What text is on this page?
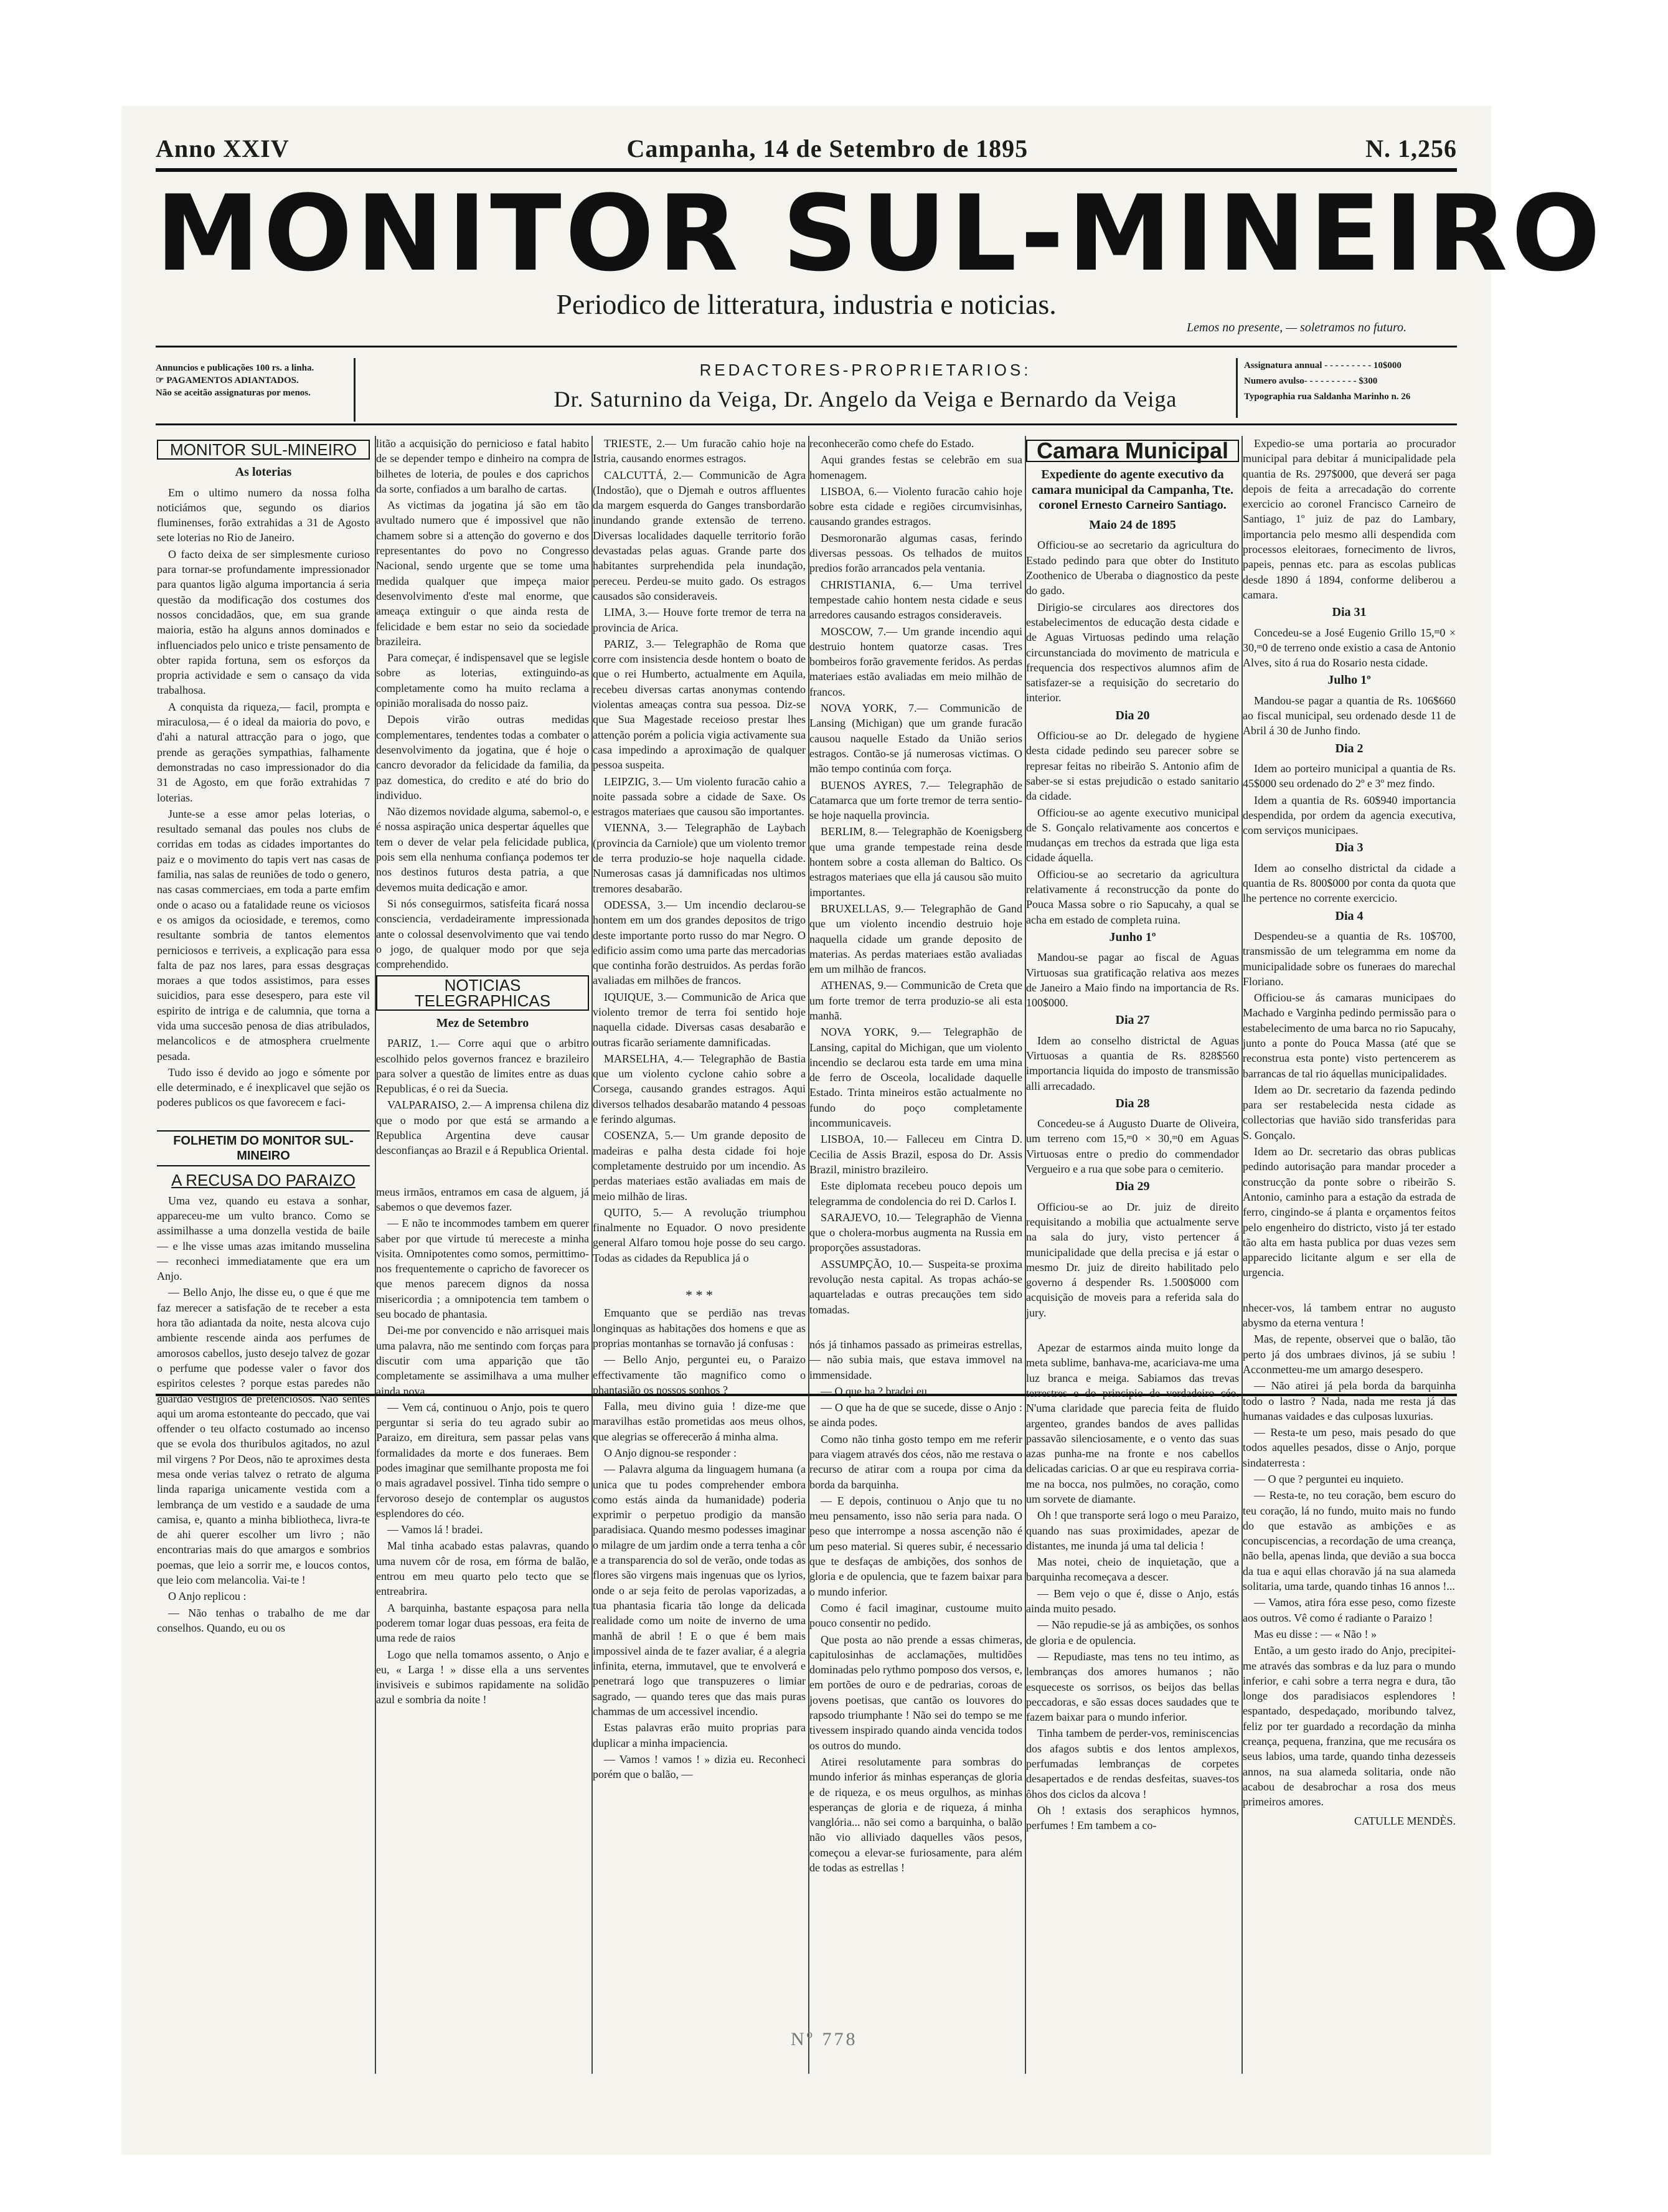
Anno XXIV	Campanha, 14 de Setembro de 1895	N. 1,256
MONITOR SUL-MINEIRO
Periodico de litteratura, industria e noticias.
Lemos no presente, — soletramos no futuro.
Annuncios e publicações 100 rs. a linha.
☞ PAGAMENTOS ADIANTADOS.
Não se aceitão assignaturas por menos.
REDACTORES-PROPRIETARIOS:
Dr. Saturnino da Veiga, Dr. Angelo da Veiga e Bernardo da Veiga
Assignatura annual - - - - - - - - - 10$000
Numero avulso- - - - - - - - - - $300
Typographia rua Saldanha Marinho n. 26
MONITOR SUL-MINEIRO
As loterias

Em o ultimo numero da nossa folha noticiámos que, segundo os diarios fluminenses, forão extrahidas a 31 de Agosto sete loterias no Rio de Janeiro.

O facto deixa de ser simplesmente curioso para tornar-se profundamente impressionador para quantos ligão alguma importancia á seria questão da modificação dos costumes dos nossos concidadãos, que, em sua grande maioria, estão ha alguns annos dominados e influenciados pelo unico e triste pensamento de obter rapida fortuna, sem os esforços da propria actividade e sem o cansaço da vida trabalhosa.

A conquista da riqueza,— facil, prompta e miraculosa,— é o ideal da maioria do povo, e d'ahi a natural attracção para o jogo, que prende as gerações sympathias, falhamente demonstradas no caso impressionador do dia 31 de Agosto, em que forão extrahidas 7 loterias.

Junte-se a esse amor pelas loterias, o resultado semanal das poules nos clubs de corridas em todas as cidades importantes do paiz e o movimento do tapis vert nas casas de familia, nas salas de reuniões de todo o genero, nas casas commerciaes, em toda a parte emfim onde o acaso ou a fatalidade reune os viciosos e os amigos da ociosidade, e teremos, como resultante sombria de tantos elementos perniciosos e terriveis, a explicação para essa falta de paz nos lares, para essas desgraças moraes a que todos assistimos, para esses suicidios, para esse desespero, para este vil espirito de intriga e de calumnia, que torna a vida uma succesão penosa de dias atribulados, melancolicos e de atmosphera cruelmente pesada.

Tudo isso é devido ao jogo e sómente por elle determinado, e é inexplicavel que sejão os poderes publicos os que favorecem e faci-

FOLHETIM DO MONITOR SUL-MINEIRO
A RECUSA DO PARAIZO

Uma vez, quando eu estava a sonhar, appareceu-me um vulto branco. Como se assimilhasse a uma donzella vestida de baile — e lhe visse umas azas imitando musselina — reconheci immediatamente que era um Anjo.

— Bello Anjo, lhe disse eu, o que é que me faz merecer a satisfação de te receber a esta hora tão adiantada da noite, nesta alcova cujo ambiente rescende ainda aos perfumes de amorosos cabellos, justo desejo talvez de gozar o perfume que podesse valer o favor dos espiritos celestes ? porque estas paredes não guardão vestigios de pretenciosos. Não sentes aqui um aroma estonteante do peccado, que vai offender o teu olfacto costumado ao incenso que se evola dos thuribulos agitados, no azul mil virgens ? Por Deos, não te aproximes desta mesa onde verias talvez o retrato de alguma linda rapariga unicamente vestida com a lembrança de um vestido e a saudade de uma camisa, e, quanto a minha bibliotheca, livra-te de ahi querer escolher um livro ; não encontrarias mais do que amargos e sombrios poemas, que leio a sorrir me, e loucos contos, que leio com melancolia. Vai-te !

O Anjo replicou :

— Não tenhas o trabalho de me dar conselhos. Quando, eu ou os

litão a acquisição do pernicioso e fatal habito de se depender tempo e dinheiro na compra de bilhetes de loteria, de poules e dos caprichos da sorte, confiados a um baralho de cartas.

As victimas da jogatina já são em tão avultado numero que é impossivel que não chamem sobre si a attenção do governo e dos representantes do povo no Congresso Nacional, sendo urgente que se tome uma medida qualquer que impeça maior desenvolvimento d'este mal enorme, que ameaça extinguir o que ainda resta de felicidade e bem estar no seio da sociedade brazileira.

Para começar, é indispensavel que se legisle sobre as loterias, extinguindo-as completamente como ha muito reclama a opinião moralisada do nosso paiz.

Depois virão outras medidas complementares, tendentes todas a combater o desenvolvimento da jogatina, que é hoje o cancro devorador da felicidade da familia, da paz domestica, do credito e até do brio do individuo.

Não dizemos novidade alguma, sabemol-o, e é nossa aspiração unica despertar áquelles que tem o dever de velar pela felicidade publica, pois sem ella nenhuma confiança podemos ter nos destinos futuros desta patria, a que devemos muita dedicação e amor.

Si nós conseguirmos, satisfeita ficará nossa consciencia, verdadeiramente impressionada ante o colossal desenvolvimento que vai tendo o jogo, de qualquer modo por que seja comprehendido.

NOTICIAS TELEGRAPHICAS
Mez de Setembro

PARIZ, 1.— Corre aqui que o arbitro escolhido pelos governos francez e brazileiro para solver a questão de limites entre as duas Republicas, é o rei da Suecia.

VALPARAISO, 2.— A imprensa chilena diz que o modo por que está se armando a Republica Argentina deve causar desconfianças ao Brazil e á Republica Oriental.

meus irmãos, entramos em casa de alguem, já sabemos o que devemos fazer.

— E não te incommodes tambem em querer saber por que virtude tú mereceste a minha visita. Omnipotentes como somos, permittimo-nos frequentemente o capricho de favorecer os que menos parecem dignos da nossa misericordia ; a omnipotencia tem tambem o seu bocado de phantasia.

Dei-me por convencido e não arrisquei mais uma palavra, não me sentindo com forças para discutir com uma apparição que tão completamente se assimilhava a uma mulher ainda nova.

— Vem cá, continuou o Anjo, pois te quero perguntar si seria do teu agrado subir ao Paraizo, em direitura, sem passar pelas vans formalidades da morte e dos funeraes. Bem podes imaginar que semilhante proposta me foi o mais agradavel possivel. Tinha tido sempre o fervoroso desejo de contemplar os augustos esplendores do céo.

— Vamos lá ! bradei.

Mal tinha acabado estas palavras, quando uma nuvem côr de rosa, em fórma de balão, entrou em meu quarto pelo tecto que se entreabrira.

A barquinha, bastante espaçosa para nella poderem tomar logar duas pessoas, era feita de uma rede de raios

Logo que nella tomamos assento, o Anjo e eu, « Larga ! » disse ella a uns serventes invisiveis e subimos rapidamente na solidão azul e sombria da noite !

TRIESTE, 2.— Um furacão cahio hoje na Istria, causando enormes estragos.

CALCUTTÁ, 2.— Communicão de Agra (Indostão), que o Djemah e outros affluentes da margem esquerda do Ganges transbordarão inundando grande extensão de terreno. Diversas localidades daquelle territorio forão devastadas pelas aguas. Grande parte dos habitantes surprehendida pela inundação, pereceu. Perdeu-se muito gado. Os estragos causados são consideraveis.

LIMA, 3.— Houve forte tremor de terra na provincia de Arica.

PARIZ, 3.— Telegraphão de Roma que corre com insistencia desde hontem o boato de que o rei Humberto, actualmente em Aquila, recebeu diversas cartas anonymas contendo violentas ameaças contra sua pessoa. Diz-se que Sua Magestade receioso prestar lhes attenção porém a policia vigia activamente sua casa impedindo a aproximação de qualquer pessoa suspeita.

LEIPZIG, 3.— Um violento furacão cahio a noite passada sobre a cidade de Saxe. Os estragos materiaes que causou são importantes.

VIENNA, 3.— Telegraphão de Laybach (provincia da Carniole) que um violento tremor de terra produzio-se hoje naquella cidade. Numerosas casas já damnificadas nos ultimos tremores desabarão.

ODESSA, 3.— Um incendio declarou-se hontem em um dos grandes depositos de trigo deste importante porto russo do mar Negro. O edificio assim como uma parte das mercadorias que continha forão destruidos. As perdas forão avaliadas em milhões de francos.

IQUIQUE, 3.— Communicão de Arica que violento tremor de terra foi sentido hoje naquella cidade. Diversas casas desabarão e outras ficarão seriamente damnificadas.

MARSELHA, 4.— Telegraphão de Bastia que um violento cyclone cahio sobre a Corsega, causando grandes estragos. Aqui diversos telhados desabarão matando 4 pessoas e ferindo algumas.

COSENZA, 5.— Um grande deposito de madeiras e palha desta cidade foi hoje completamente destruido por um incendio. As perdas materiaes estão avaliadas em mais de meio milhão de liras.

QUITO, 5.— A revolução triumphou finalmente no Equador. O novo presidente general Alfaro tomou hoje posse do seu cargo. Todas as cidades da Republica já o

* * *

Emquanto que se perdião nas trevas longinquas as habitações dos homens e que as proprias montanhas se tornavão já confusas :

— Bello Anjo, perguntei eu, o Paraizo effectivamente tão magnifico como o phantasião os nossos sonhos ?

Falla, meu divino guia ! dize-me que maravilhas estão prometidas aos meus olhos, que alegrias se offerecerão á minha alma.

O Anjo dignou-se responder :

— Palavra alguma da linguagem humana (a unica que tu podes comprehender embora como estás ainda da humanidade) poderia exprimir o perpetuo prodigio da mansão paradisiaca. Quando mesmo podesses imaginar o milagre de um jardim onde a terra tenha a côr e a transparencia do sol de verão, onde todas as flores são virgens mais ingenuas que os lyrios, onde o ar seja feito de perolas vaporizadas, a tua phantasia ficaria tão longe da delicada realidade como um noite de inverno de uma manhã de abril ! E o que é bem mais impossivel ainda de te fazer avaliar, é a alegria infinita, eterna, immutavel, que te envolverá e penetrará logo que transpuzeres o limiar sagrado, — quando teres que das mais puras chammas de um accessivel incendio.

Estas palavras erão muito proprias para duplicar a minha impaciencia.

— Vamos ! vamos ! » dizia eu. Reconheci porém que o balão, —

reconhecerão como chefe do Estado.

Aqui grandes festas se celebrão em sua homenagem.

LISBOA, 6.— Violento furacão cahio hoje sobre esta cidade e regiões circumvisinhas, causando grandes estragos.

Desmoronarão algumas casas, ferindo diversas pessoas. Os telhados de muitos predios forão arrancados pela ventania.

CHRISTIANIA, 6.— Uma terrivel tempestade cahio hontem nesta cidade e seus arredores causando estragos consideraveis.

MOSCOW, 7.— Um grande incendio aqui destruio hontem quatorze casas. Tres bombeiros forão gravemente feridos. As perdas materiaes estão avaliadas em meio milhão de francos.

NOVA YORK, 7.— Communicão de Lansing (Michigan) que um grande furacão causou naquelle Estado da União serios estragos. Contão-se já numerosas victimas. O mão tempo continúa com força.

BUENOS AYRES, 7.— Telegraphão de Catamarca que um forte tremor de terra sentio-se hoje naquella provincia.

BERLIM, 8.— Telegraphão de Koenigsberg que uma grande tempestade reina desde hontem sobre a costa alleman do Baltico. Os estragos materiaes que ella já causou são muito importantes.

BRUXELLAS, 9.— Telegraphão de Gand que um violento incendio destruio hoje naquella cidade um grande deposito de materias. As perdas materiaes estão avaliadas em um milhão de francos.

ATHENAS, 9.— Communicão de Creta que um forte tremor de terra produzio-se ali esta manhã.

NOVA YORK, 9.— Telegraphão de Lansing, capital do Michigan, que um violento incendio se declarou esta tarde em uma mina de ferro de Osceola, localidade daquelle Estado. Trinta mineiros estão actualmente no fundo do poço completamente incommunicaveis.

LISBOA, 10.— Falleceu em Cintra D. Cecilia de Assis Brazil, esposa do Dr. Assis Brazil, ministro brazileiro.

Este diplomata recebeu pouco depois um telegramma de condolencia do rei D. Carlos I.

SARAJEVO, 10.— Telegraphão de Vienna que o cholera-morbus augmenta na Russia em proporções assustadoras.

ASSUMPÇÃO, 10.— Suspeita-se proxima revolução nesta capital. As tropas acháo-se aquarteladas e outras precauções tem sido tomadas.

nós já tinhamos passado as primeiras estrellas, — não subia mais, que estava immovel na immensidade.

— O que ha ? bradei eu.

— O que ha de que se sucede, disse o Anjo : se ainda podes.

Como não tinha gosto tempo em me referir para viagem através dos céos, não me restava o recurso de atirar com a roupa por cima da borda da barquinha.

— E depois, continuou o Anjo que tu no meu pensamento, isso não seria para nada. O peso que interrompe a nossa ascenção não é um peso material. Si queres subir, é necessario que te desfaças de ambições, dos sonhos de gloria e de opulencia, que te fazem baixar para o mundo inferior.

Como é facil imaginar, custoume muito pouco consentir no pedido.

Que posta ao não prende a essas chimeras, capitulosinhas de acclamações, multidões dominadas pelo rythmo pomposo dos versos, e, em portões de ouro e de pedrarias, coroas de jovens poetisas, que cantão os louvores do rapsodo triumphante ! Não sei do tempo se me tivessem inspirado quando ainda vencida todos os outros do mundo.

Atirei resolutamente para sombras do mundo inferior ás minhas esperanças de gloria e de riqueza, e os meus orgulhos, as minhas esperanças de gloria e de riqueza, á minha vanglória... não sei como a barquinha, o balão não vio alliviado daquelles vãos pesos, começou a elevar-se furiosamente, para além de todas as estrellas !

Camara Municipal
Expediente do agente executivo da camara municipal da Campanha, Tte. coronel Ernesto Carneiro Santiago.
Maio 24 de 1895

Officiou-se ao secretario da agricultura do Estado pedindo para que obter do Instituto Zoothenico de Uberaba o diagnostico da peste do gado.

Dirigio-se circulares aos directores dos estabelecimentos de educação desta cidade e de Aguas Virtuosas pedindo uma relação circunstanciada do movimento de matricula e frequencia dos respectivos alumnos afim de satisfazer-se a requisição do secretario do interior.

Dia 20

Officiou-se ao Dr. delegado de hygiene desta cidade pedindo seu parecer sobre se represar feitas no ribeirão S. Antonio afim de saber-se si estas prejudicão o estado sanitario da cidade.

Officiou-se ao agente executivo municipal de S. Gonçalo relativamente aos concertos e mudanças em trechos da estrada que liga esta cidade áquella.

Officiou-se ao secretario da agricultura relativamente á reconstrucção da ponte do Pouca Massa sobre o rio Sapucahy, a qual se acha em estado de completa ruina.

Junho 1º

Mandou-se pagar ao fiscal de Aguas Virtuosas sua gratificação relativa aos mezes de Janeiro a Maio findo na importancia de Rs. 100$000.

Dia 27

Idem ao conselho districtal de Aguas Virtuosas a quantia de Rs. 828$560 importancia liquida do imposto de transmissão alli arrecadado.

Dia 28

Concedeu-se á Augusto Duarte de Oliveira, um terreno com 15,ᵐ0 × 30,ᵐ0 em Aguas Virtuosas entre o predio do commendador Vergueiro e a rua que sobe para o cemiterio.

Dia 29

Officiou-se ao Dr. juiz de direito requisitando a mobilia que actualmente serve na sala do jury, visto pertencer á municipalidade que della precisa e já estar o mesmo Dr. juiz de direito habilitado pelo governo á despender Rs. 1.500$000 com acquisição de moveis para a referida sala do jury.

Apezar de estarmos ainda muito longe da meta sublime, banhava-me, acariciava-me uma luz branca e meiga. Sabiamos das trevas terrestres e do principio de verdadeiro céo. N'uma claridade que parecia feita de fluido argenteo, grandes bandos de aves pallidas passavão silenciosamente, e o vento das suas azas punha-me na fronte e nos cabellos delicadas caricias. O ar que eu respirava corria-me na bocca, nos pulmões, no coração, como um sorvete de diamante.

Oh ! que transporte será logo o meu Paraizo, quando nas suas proximidades, apezar de distantes, me inunda já uma tal delicia !

Mas notei, cheio de inquietação, que a barquinha recomeçava a descer.

— Bem vejo o que é, disse o Anjo, estás ainda muito pesado.

— Não repudie-se já as ambições, os sonhos de gloria e de opulencia.

— Repudiaste, mas tens no teu intimo, as lembranças dos amores humanos ; não esqueceste os sorrisos, os beijos das bellas peccadoras, e são essas doces saudades que te fazem baixar para o mundo inferior.

Tinha tambem de perder-vos, reminiscencias dos afagos subtis e dos lentos amplexos, perfumadas lembranças de corpetes desapertados e de rendas desfeitas, suaves-tos ôhos dos ciclos da alcova !

Oh ! extasis dos seraphicos hymnos, perfumes ! Em tambem a co-

Expedio-se uma portaria ao procurador municipal para debitar á municipalidade pela quantia de Rs. 297$000, que deverá ser paga depois de feita a arrecadação do corrente exercicio ao coronel Francisco Carneiro de Santiago, 1º juiz de paz do Lambary, importancia pelo mesmo alli despendida com processos eleitoraes, fornecimento de livros, papeis, pennas etc. para as escolas publicas desde 1890 á 1894, conforme deliberou a camara.

Dia 31

Concedeu-se a José Eugenio Grillo 15,ᵐ0 × 30,ᵐ0 de terreno onde existio a casa de Antonio Alves, sito á rua do Rosario nesta cidade.

Julho 1º

Mandou-se pagar a quantia de Rs. 106$660 ao fiscal municipal, seu ordenado desde 11 de Abril á 30 de Junho findo.

Dia 2

Idem ao porteiro municipal a quantia de Rs. 45$000 seu ordenado do 2º e 3º mez findo.

Idem a quantia de Rs. 60$940 importancia despendida, por ordem da agencia executiva, com serviços municipaes.

Dia 3

Idem ao conselho districtal da cidade a quantia de Rs. 800$000 por conta da quota que lhe pertence no corrente exercicio.

Dia 4

Despendeu-se a quantia de Rs. 10$700, transmissão de um telegramma em nome da municipalidade sobre os funeraes do marechal Floriano.

Officiou-se ás camaras municipaes do Machado e Varginha pedindo permissão para o estabelecimento de uma barca no rio Sapucahy, junto a ponte do Pouca Massa (até que se reconstrua esta ponte) visto pertencerem as barrancas de tal rio áquellas municipalidades.

Idem ao Dr. secretario da fazenda pedindo para ser restabelecida nesta cidade as collectorias que havião sido transferidas para S. Gonçalo.

Idem ao Dr. secretario das obras publicas pedindo autorisação para mandar proceder a construcção da ponte sobre o ribeirão S. Antonio, caminho para a estação da estrada de ferro, cingindo-se á planta e orçamentos feitos pelo engenheiro do districto, visto já ter estado tão alta em hasta publica por duas vezes sem apparecido licitante algum e ser ella de urgencia.

nhecer-vos, lá tambem entrar no augusto abysmo da eterna ventura !

Mas, de repente, observei que o balão, tão perto já dos umbraes divinos, já se subiu ! Acconmetteu-me um amargo desespero.

— Não atirei já pela borda da barquinha todo o lastro ? Nada, nada me resta já das humanas vaidades e das culposas luxurias.

— Resta-te um peso, mais pesado do que todos aquelles pesados, disse o Anjo, porque sindaterresta :

— O que ? perguntei eu inquieto.

— Resta-te, no teu coração, bem escuro do teu coração, lá no fundo, muito mais no fundo do que estavão as ambições e as concupiscencias, a recordação de uma creança, não bella, apenas linda, que devião a sua bocca da tua e aqui ellas choravão já na sua alameda solitaria, uma tarde, quando tinhas 16 annos !...

— Vamos, atira fóra esse peso, como fizeste aos outros. Vê como é radiante o Paraizo !

Mas eu disse : — « Não ! »

Então, a um gesto irado do Anjo, precipitei-me através das sombras e da luz para o mundo inferior, e cahi sobre a terra negra e dura, tão longe dos paradisiacos esplendores ! espantado, despedaçado, moribundo talvez, feliz por ter guardado a recordação da minha creança, pequena, franzina, que me recusára os seus labios, uma tarde, quando tinha dezesseis annos, na sua alameda solitaria, onde não acabou de desabrochar a rosa dos meus primeiros amores.

CATULLE MENDÈS.
Nº 778
